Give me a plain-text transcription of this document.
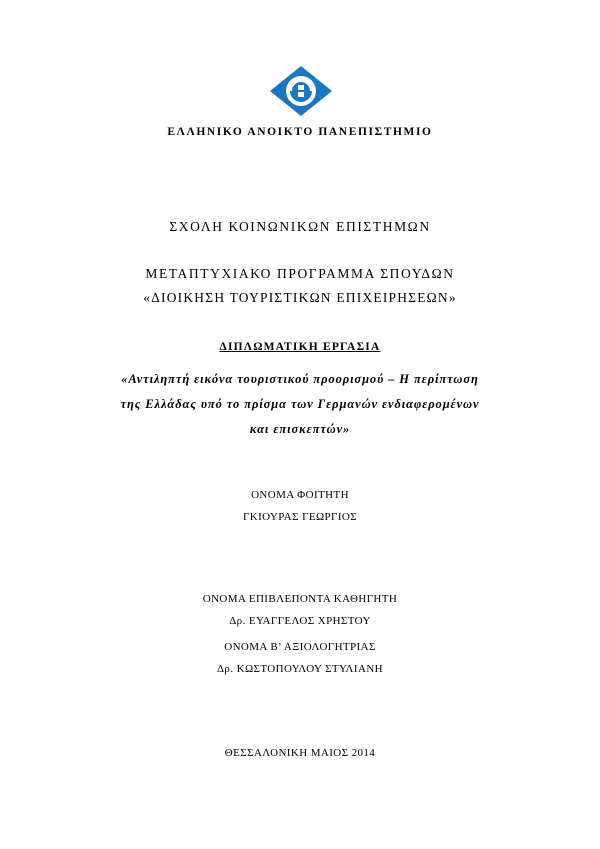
ΕΛΛΗΝΙΚΟ ΑΝΟΙΚΤΟ ΠΑΝΕΠΙΣΤΗΜΙΟ
ΣΧΟΛΗ ΚΟΙΝΩΝΙΚΩΝ ΕΠΙΣΤΗΜΩΝ
ΜΕΤΑΠΤΥΧΙΑΚΟ ΠΡΟΓΡΑΜΜΑ ΣΠΟΥΔΩΝ
«ΔΙΟΙΚΗΣΗ ΤΟΥΡΙΣΤΙΚΩΝ ΕΠΙΧΕΙΡΗΣΕΩΝ»
ΔΙΠΛΩΜΑΤΙΚΗ ΕΡΓΑΣΙΑ
«Αντιληπτή εικόνα τουριστικού προορισμού – Η περίπτωση
της Ελλάδας υπό το πρίσμα των Γερμανών ενδιαφερομένων
και επισκεπτών»
ΟΝΟΜΑ ΦΟΙΤΗΤΗ
ΓΚΙΟΥΡΑΣ ΓΕΩΡΓΙΟΣ
ΟΝΟΜΑ ΕΠΙΒΛΕΠΟΝΤΑ ΚΑΘΗΓΗΤΗ
Δρ. ΕΥΑΓΓΕΛΟΣ ΧΡΗΣΤΟΥ
ΟΝΟΜΑ Β’ ΑΞΙΟΛΟΓΗΤΡΙΑΣ
Δρ. ΚΩΣΤΟΠΟΥΛΟΥ ΣΤΥΛΙΑΝΗ
ΘΕΣΣΑΛΟΝΙΚΗ ΜΑΙΟΣ 2014
